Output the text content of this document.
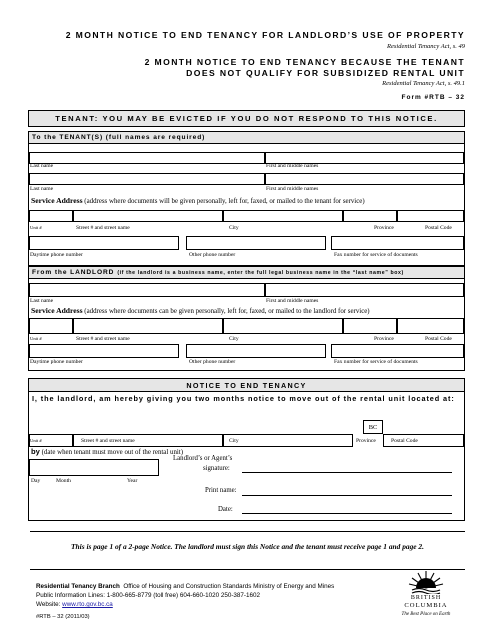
2 MONTH NOTICE TO END TENANCY FOR LANDLORD’S USE OF PROPERTY
Residential Tenancy Act, s. 49
2 MONTH NOTICE TO END TENANCY BECAUSE THE TENANT
DOES NOT QUALIFY FOR SUBSIDIZED RENTAL UNIT
Residential Tenancy Act, s. 49.1
Form #RTB – 32
TENANT: YOU MAY BE EVICTED IF YOU DO NOT RESPOND TO THIS NOTICE.
To the TENANT(S) (full names are required)
Last name	First and middle names
Last name	First and middle names
Service Address (address where documents will be given personally, left for, faxed, or mailed to the tenant for service)
Unit #	Street # and street name	City	Province	Postal Code
Daytime phone number	Other phone number	Fax number for service of documents
From the LANDLORD (if the landlord is a business name, enter the full legal business name in the “last name” box)
Last name	First and middle names
Service Address (address where documents can be given personally, left for, faxed, or mailed to the landlord for service)
Unit #	Street # and street name	City	Province	Postal Code
Daytime phone number	Other phone number	Fax number for service of documents
NOTICE TO END TENANCY
I, the landlord, am hereby giving you two months notice to move out of the rental unit located at:
BC
Unit #	Street # and street name	City	Province	Postal Code
by (date when tenant must move out of the rental unit)
Day	Month	Year
Landlord’s or Agent’s
signature:
Print name:
Date:
This is page 1 of a 2-page Notice. The landlord must sign this Notice and the tenant must receive page 1 and page 2.
Residential Tenancy Branch Office of Housing and Construction Standards Ministry of Energy and Mines
Public Information Lines: 1-800-665-8779 (toll free) 604-660-1020 250-387-1602
Website: www.rto.gov.bc.ca
#RTB – 32 (2011/03)
BRITISH
COLUMBIA
The Best Place on Earth
